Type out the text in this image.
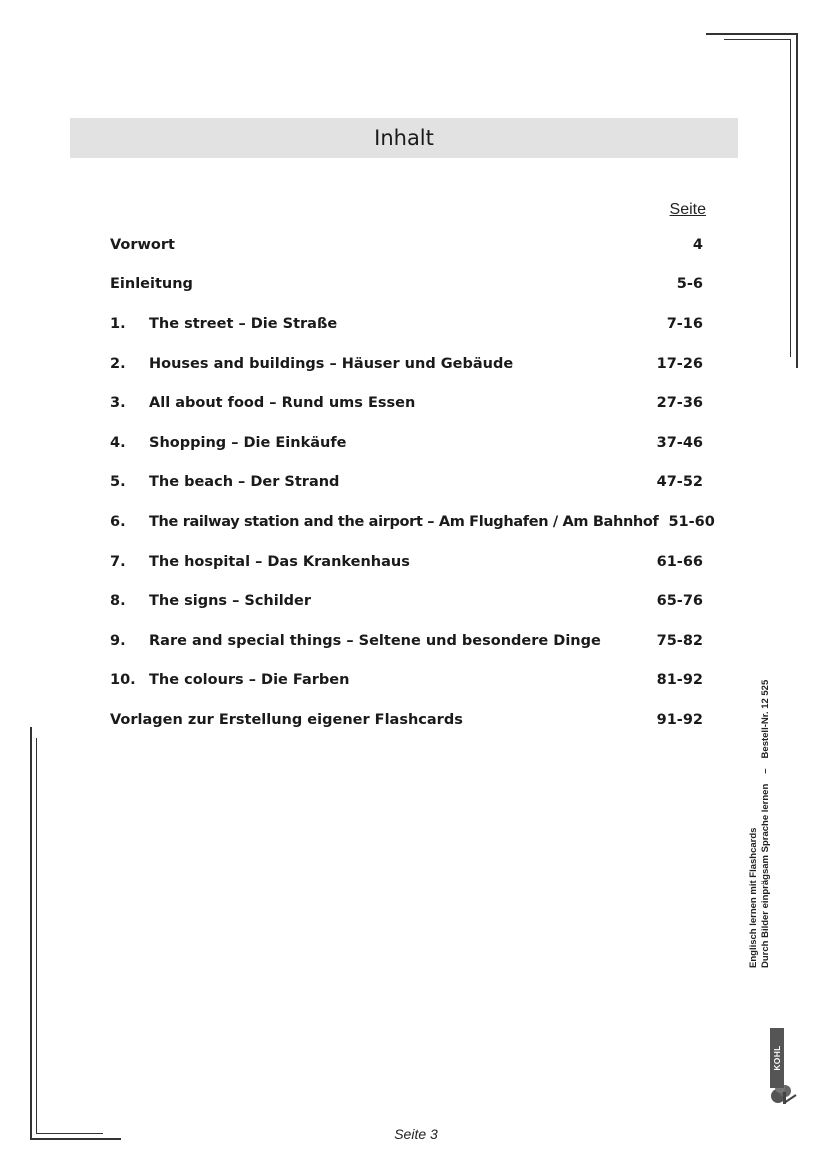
Inhalt
Seite
Vorwort	4
Einleitung	5-6
1.	The street – Die Straße	7-16
2.	Houses and buildings – Häuser und Gebäude	17-26
3.	All about food – Rund ums Essen	27-36
4.	Shopping – Die Einkäufe	37-46
5.	The beach – Der Strand	47-52
6.	The railway station and the airport – Am Flughafen / Am Bahnhof 51-60
7.	The hospital – Das Krankenhaus	61-66
8.	The signs – Schilder	65-76
9.	Rare and special things – Seltene und besondere Dinge	75-82
10. The colours – Die Farben	81-92
Vorlagen zur Erstellung eigener Flashcards	91-92
Englisch lernen mit Flashcards Durch Bilder einprägsam Sprache lernen
–
Bestell-Nr. 12 525
KOHL VERLAG
Seite 3
